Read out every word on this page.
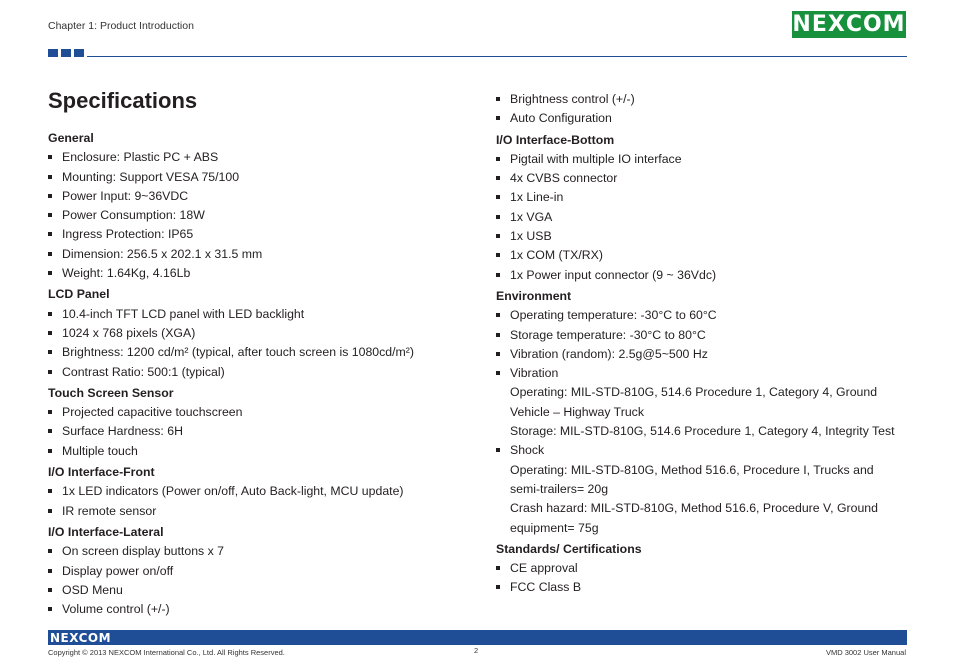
Chapter 1: Product Introduction	NE X COM
Specifications
General
Enclosure: Plastic PC + ABS
Mounting: Support VESA 75/100
Power Input: 9~36VDC
Power Consumption: 18W
Ingress Protection: IP65
Dimension: 256.5 x 202.1 x 31.5 mm
Weight: 1.64Kg, 4.16Lb
LCD Panel
10.4-inch TFT LCD panel with LED backlight
1024 x 768 pixels (XGA)
Brightness: 1200 cd/m² (typical, after touch screen is 1080cd/m²)
Contrast Ratio: 500:1 (typical)
Touch Screen Sensor
Projected capacitive touchscreen
Surface Hardness: 6H
Multiple touch
I/O Interface-Front
1x LED indicators (Power on/off, Auto Back-light, MCU update)
IR remote sensor
I/O Interface-Lateral
On screen display buttons x 7
Display power on/off
OSD Menu
Volume control (+/-)
Brightness control (+/-)
Auto Configuration
I/O Interface-Bottom
Pigtail with multiple IO interface
4x CVBS connector
1x Line-in
1x VGA
1x USB
1x COM (TX/RX)
1x Power input connector (9 ~ 36Vdc)
Environment
Operating temperature: -30°C to 60°C
Storage temperature: -30°C to 80°C
Vibration (random): 2.5g@5~500 Hz
Vibration
Operating: MIL-STD-810G, 514.6 Procedure 1, Category 4, Ground
Vehicle – Highway Truck
Storage: MIL-STD-810G, 514.6 Procedure 1, Category 4, Integrity Test
Shock
Operating: MIL-STD-810G, Method 516.6, Procedure I, Trucks and
semi-trailers= 20g
Crash hazard: MIL-STD-810G, Method 516.6, Procedure V, Ground
equipment= 75g
Standards/ Certifications
CE approval
FCC Class B
NEXCOM
Copyright © 2013 NEXCOM International Co., Ltd. All Rights Reserved.	2	VMD 3002 User Manual
